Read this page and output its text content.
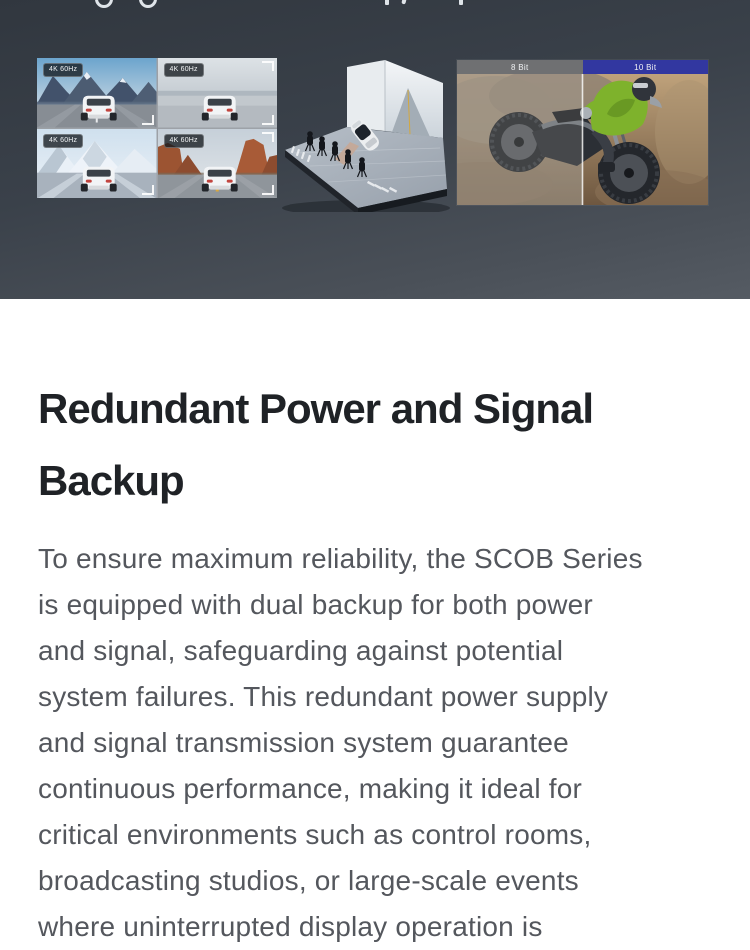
4K 60Hz	4K 60Hz
4K 60Hz	4K 60Hz
8 Bit	10 Bit
Redundant Power and Signal Backup
To ensure maximum reliability, the SCOB Series
is equipped with dual backup for both power
and signal, safeguarding against potential
system failures. This redundant power supply
and signal transmission system guarantee
continuous performance, making it ideal for
critical environments such as control rooms,
broadcasting studios, or large-scale events
where uninterrupted display operation is
